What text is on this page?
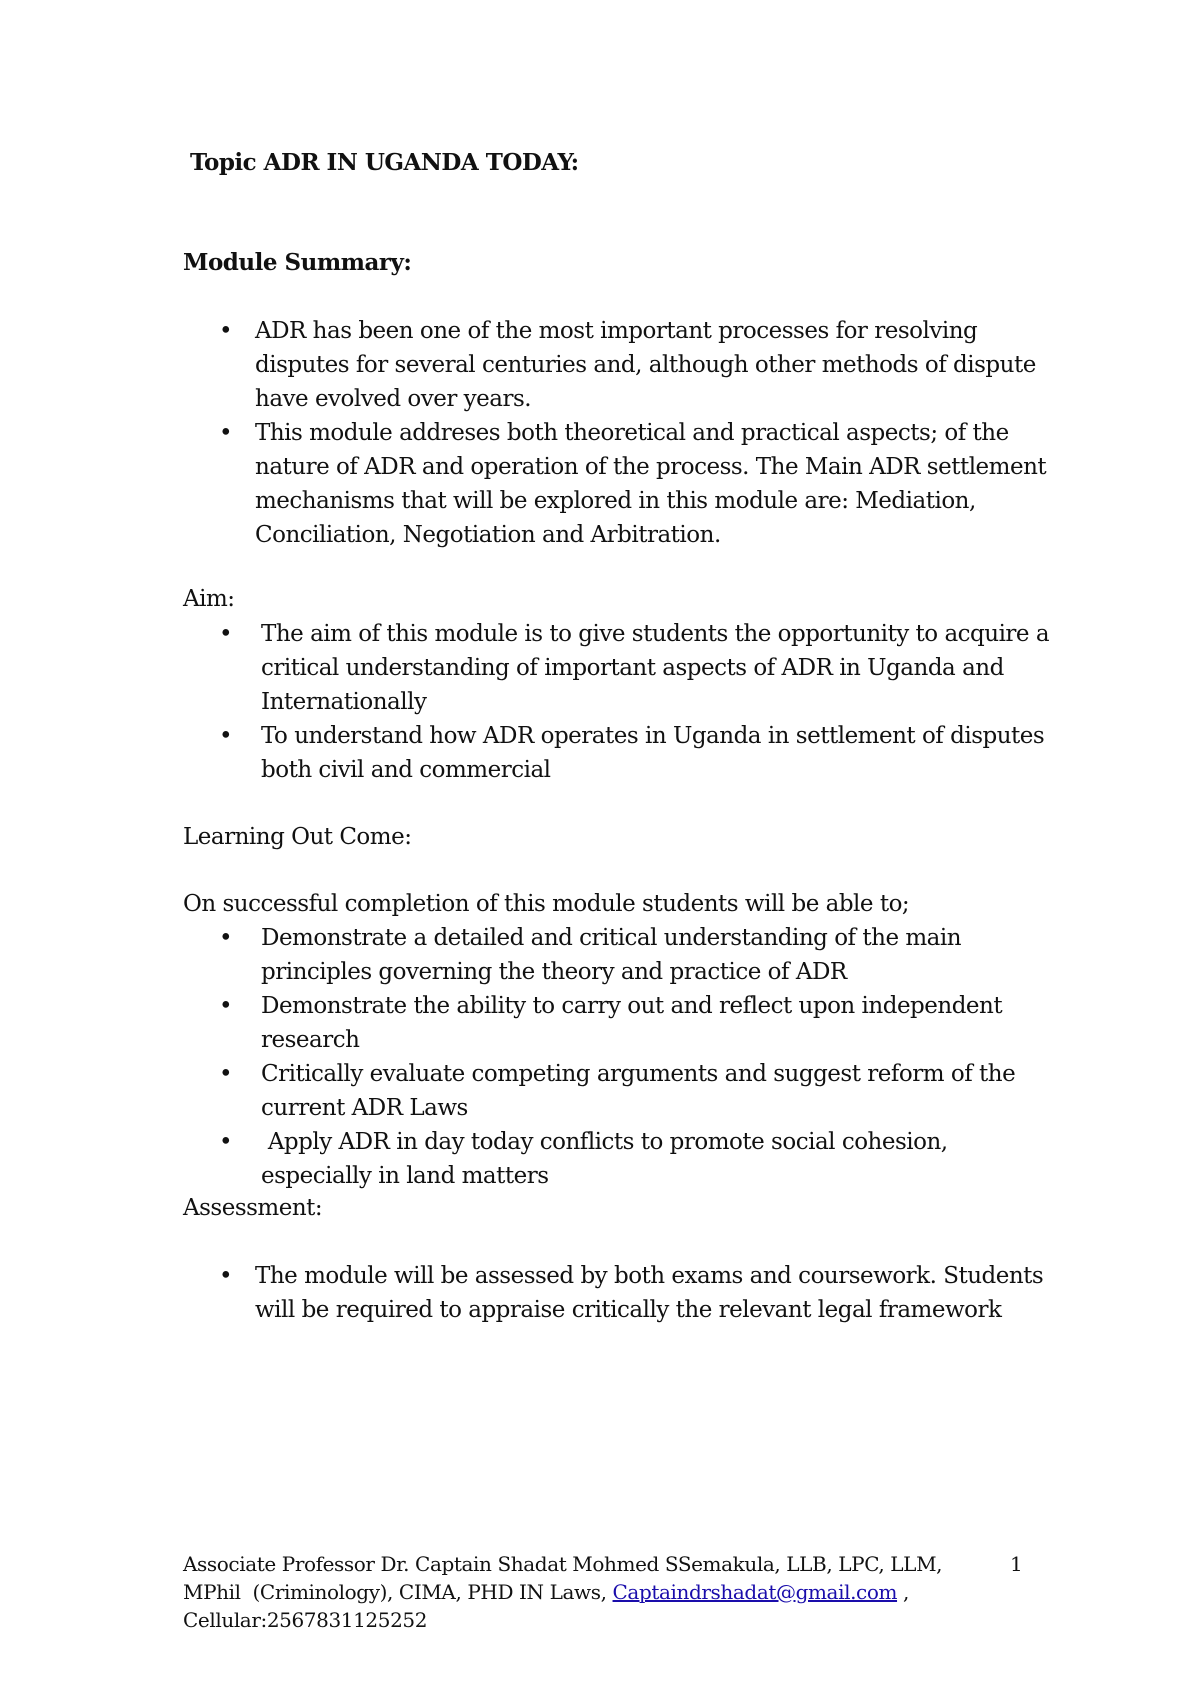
Topic ADR IN UGANDA TODAY:
Module Summary:
• ADR has been one of the most important processes for resolving disputes for several centuries and, although other methods of dispute have evolved over years.
• This module addreses both theoretical and practical aspects; of the nature of ADR and operation of the process. The Main ADR settlement mechanisms that will be explored in this module are: Mediation, Conciliation, Negotiation and Arbitration.
Aim:
• The aim of this module is to give students the opportunity to acquire a critical understanding of important aspects of ADR in Uganda and Internationally
• To understand how ADR operates in Uganda in settlement of disputes both civil and commercial
Learning Out Come:
On successful completion of this module students will be able to;
• Demonstrate a detailed and critical understanding of the main principles governing the theory and practice of ADR
• Demonstrate the ability to carry out and reflect upon independent research
• Critically evaluate competing arguments and suggest reform of the current ADR Laws
• Apply ADR in day today conflicts to promote social cohesion, especially in land matters
Assessment:
• The module will be assessed by both exams and coursework. Students will be required to appraise critically the relevant legal framework
Associate Professor Dr. Captain Shadat Mohmed SSemakula, LLB, LPC, LLM,
MPhil  (Criminology), CIMA, PHD IN Laws, Captaindrshadat@gmail.com ,
Cellular:2567831125252
1
